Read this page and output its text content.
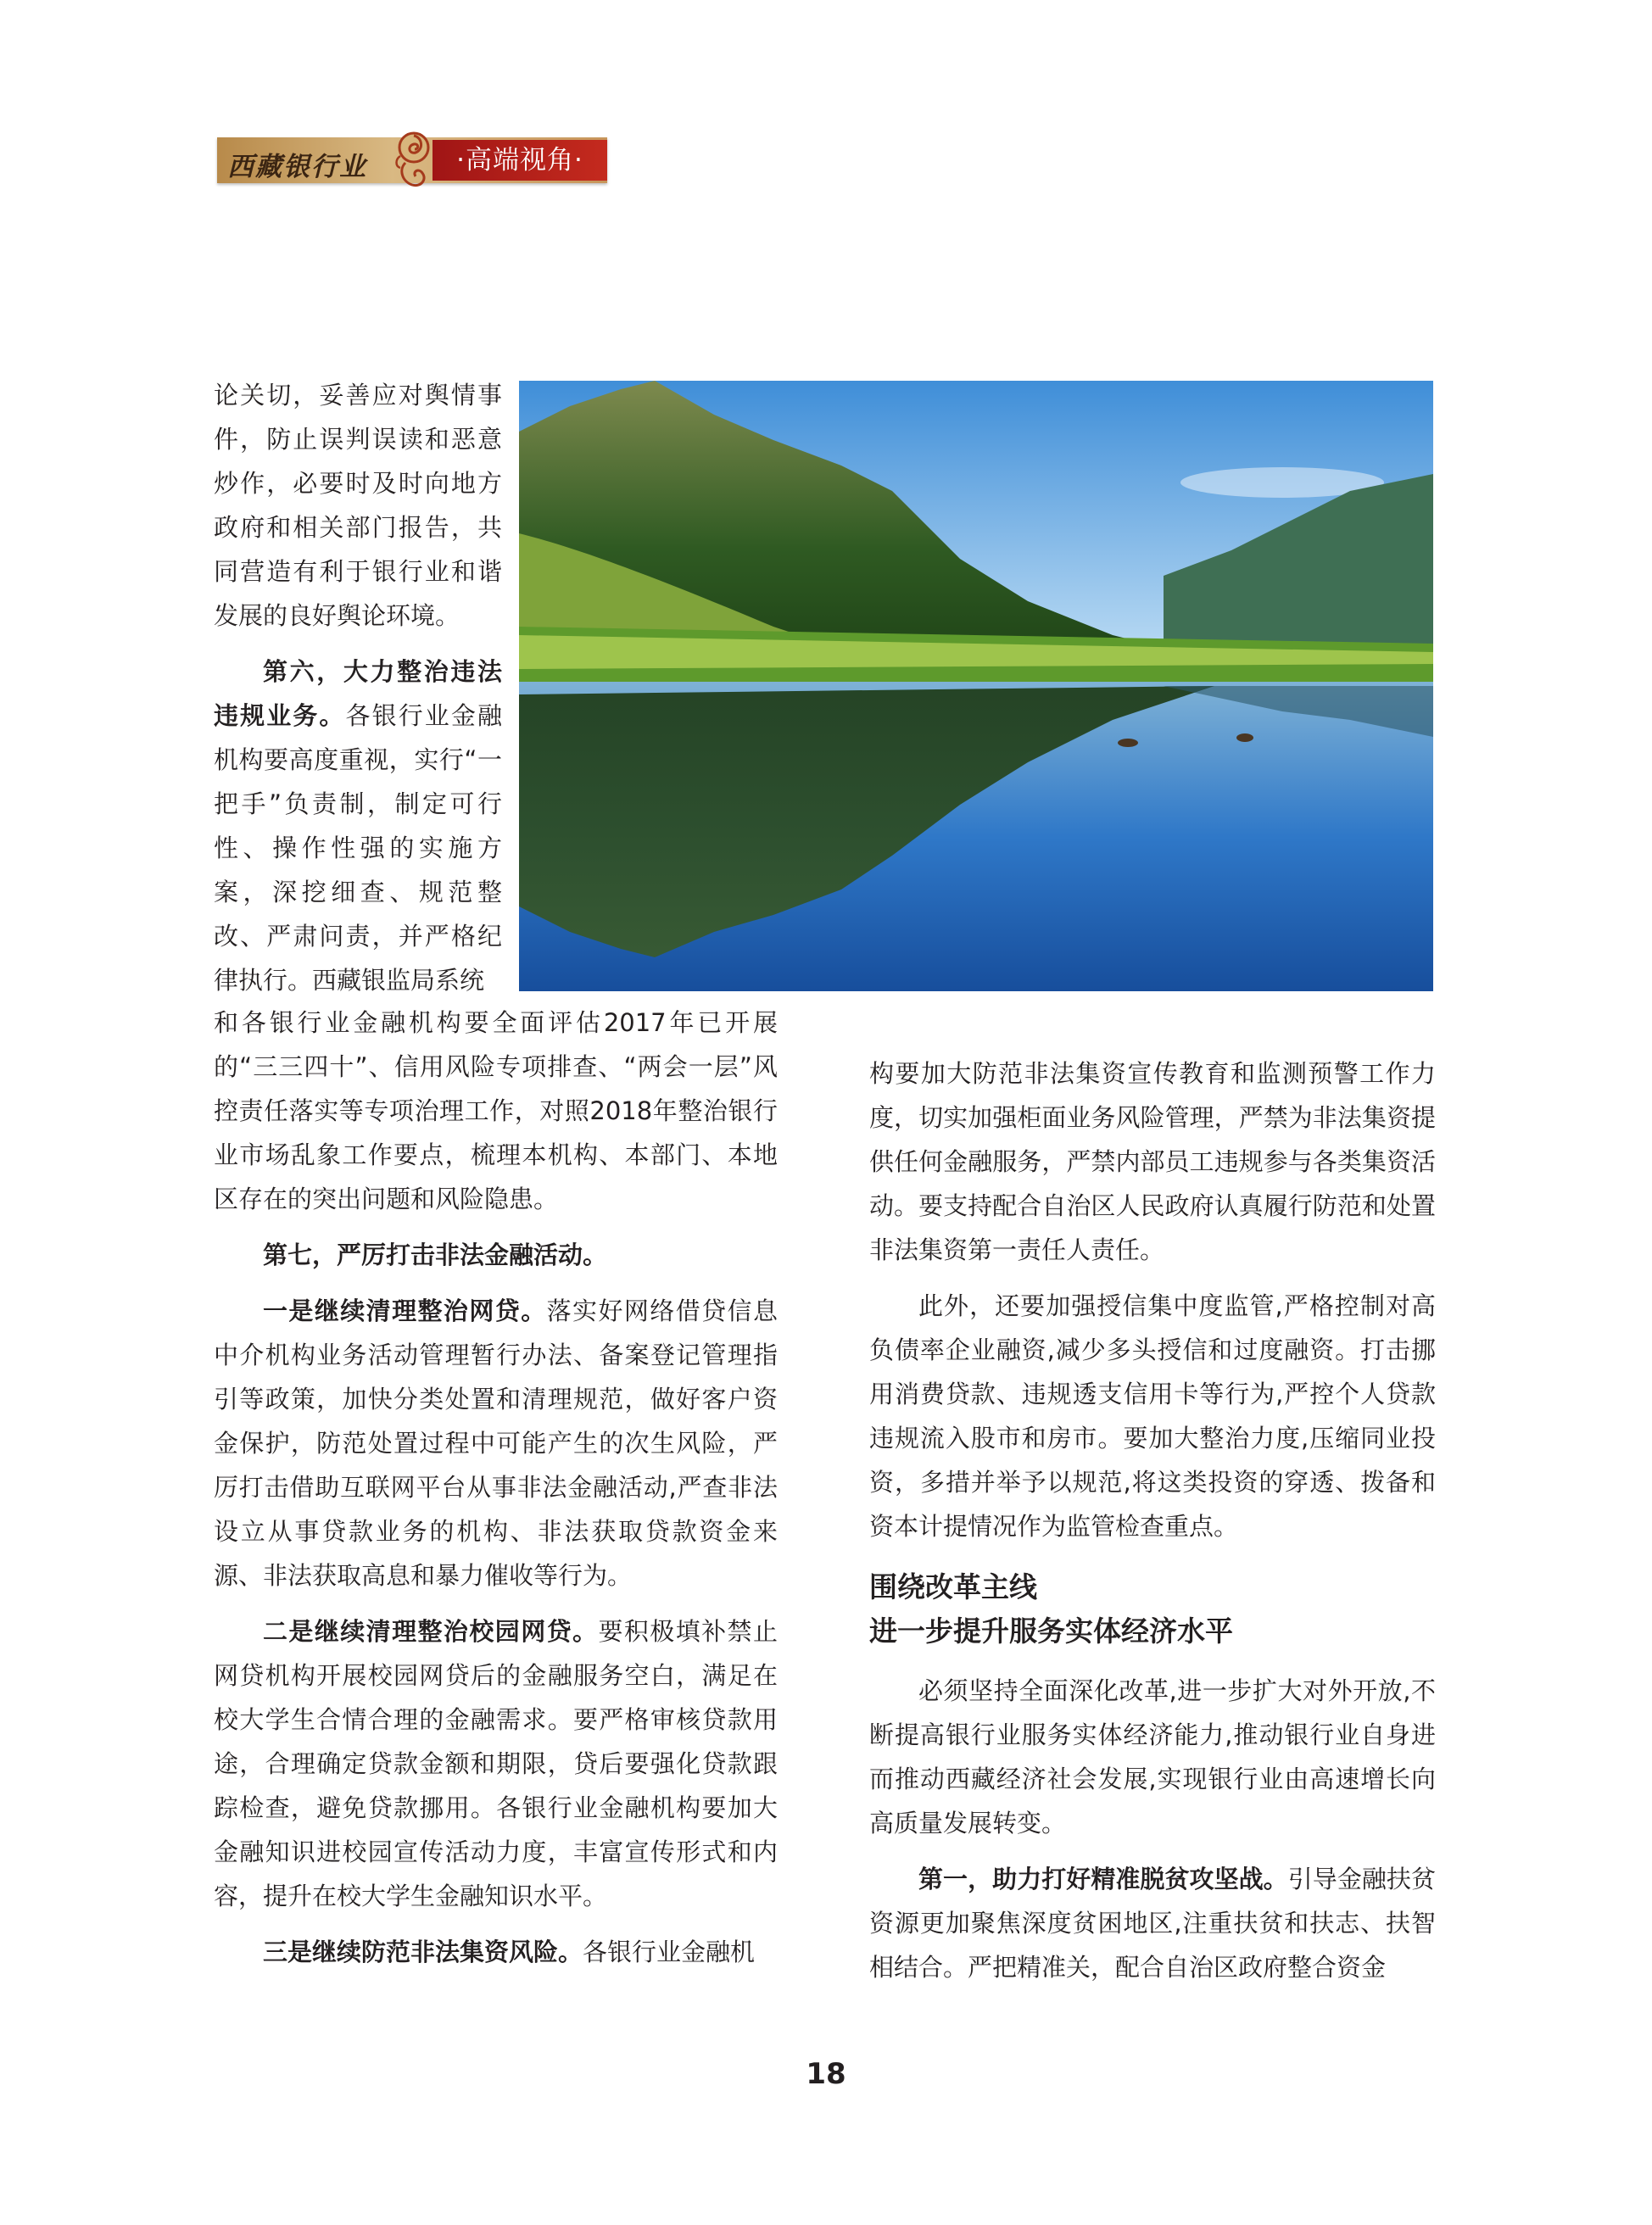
西藏银行业	·高端视角·

论关切，妥善应对舆情事件，防止误判误读和恶意炒作，必要时及时向地方政府和相关部门报告，共同营造有利于银行业和谐发展的良好舆论环境。

第六，大力整治违法违规业务。各银行业金融机构要高度重视，实行“一把手”负责制，制定可行性、操作性强的实施方案，深挖细查、规范整改、严肃问责，并严格纪律执行。西藏银监局系统

和各银行业金融机构要全面评估2017年已开展的“三三四十”、信用风险专项排查、“两会一层”风控责任落实等专项治理工作，对照2018年整治银行业市场乱象工作要点，梳理本机构、本部门、本地区存在的突出问题和风险隐患。

第七，严厉打击非法金融活动。

一是继续清理整治网贷。落实好网络借贷信息中介机构业务活动管理暂行办法、备案登记管理指引等政策，加快分类处置和清理规范，做好客户资金保护，防范处置过程中可能产生的次生风险，严厉打击借助互联网平台从事非法金融活动,严查非法设立从事贷款业务的机构、非法获取贷款资金来源、非法获取高息和暴力催收等行为。

二是继续清理整治校园网贷。要积极填补禁止网贷机构开展校园网贷后的金融服务空白，满足在校大学生合情合理的金融需求。要严格审核贷款用途，合理确定贷款金额和期限，贷后要强化贷款跟踪检查，避免贷款挪用。各银行业金融机构要加大金融知识进校园宣传活动力度，丰富宣传形式和内容，提升在校大学生金融知识水平。

三是继续防范非法集资风险。各银行业金融机

构要加大防范非法集资宣传教育和监测预警工作力度，切实加强柜面业务风险管理，严禁为非法集资提供任何金融服务，严禁内部员工违规参与各类集资活动。要支持配合自治区人民政府认真履行防范和处置非法集资第一责任人责任。

此外，还要加强授信集中度监管,严格控制对高负债率企业融资,减少多头授信和过度融资。打击挪用消费贷款、违规透支信用卡等行为,严控个人贷款违规流入股市和房市。要加大整治力度,压缩同业投资，多措并举予以规范,将这类投资的穿透、拨备和资本计提情况作为监管检查重点。

围绕改革主线
进一步提升服务实体经济水平

必须坚持全面深化改革,进一步扩大对外开放,不断提高银行业服务实体经济能力,推动银行业自身进而推动西藏经济社会发展,实现银行业由高速增长向高质量发展转变。

第一，助力打好精准脱贫攻坚战。引导金融扶贫资源更加聚焦深度贫困地区,注重扶贫和扶志、扶智相结合。严把精准关，配合自治区政府整合资金

18
